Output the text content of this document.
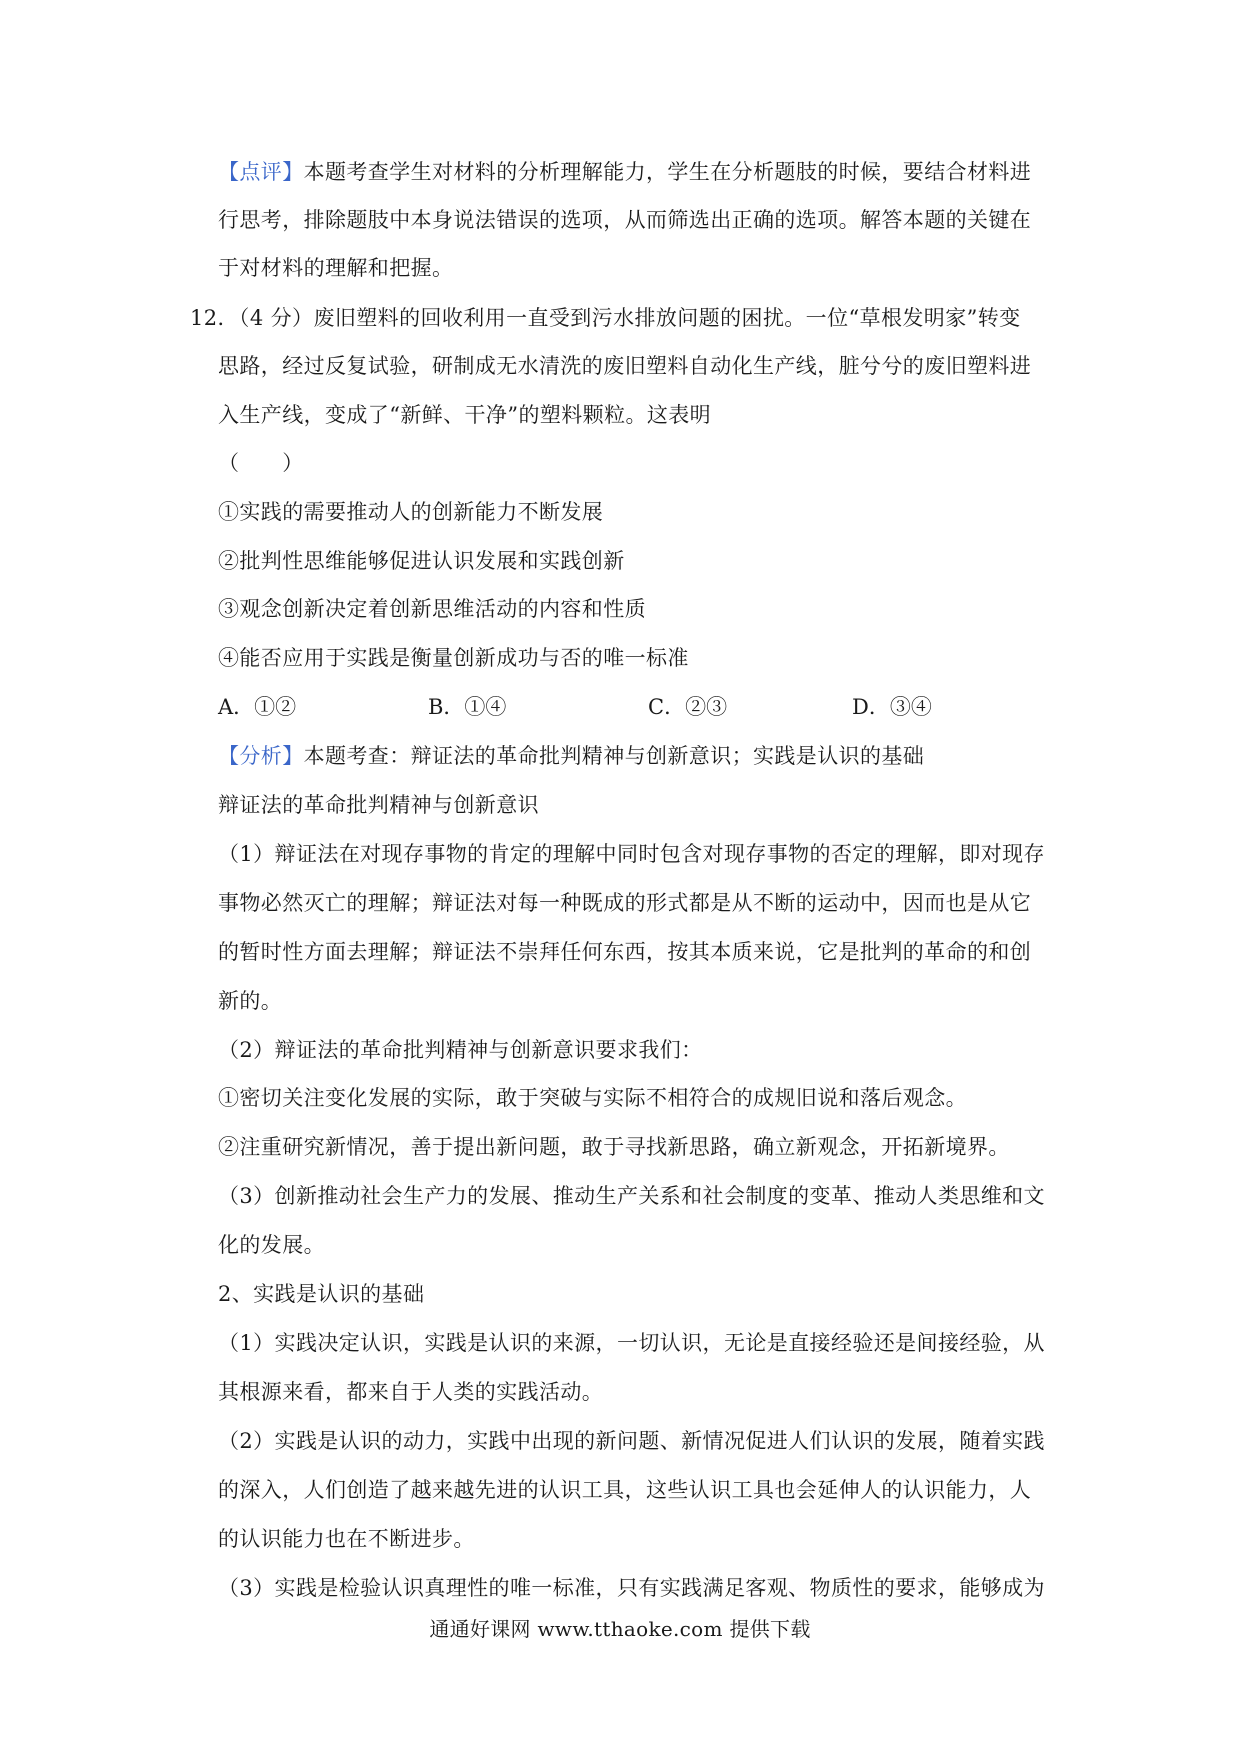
【点评】本题考查学生对材料的分析理解能力，学生在分析题肢的时候，要结合材料进
行思考，排除题肢中本身说法错误的选项，从而筛选出正确的选项。解答本题的关键在
于对材料的理解和把握。
12．（4 分）废旧塑料的回收利用一直受到污水排放问题的困扰。一位“草根发明家”转变
思路，经过反复试验，研制成无水清洗的废旧塑料自动化生产线，脏兮兮的废旧塑料进
入生产线，变成了“新鲜、干净”的塑料颗粒。这表明
（　　）
①实践的需要推动人的创新能力不断发展
②批判性思维能够促进认识发展和实践创新
③观念创新决定着创新思维活动的内容和性质
④能否应用于实践是衡量创新成功与否的唯一标准
A．①②	B．①④	C．②③	D．③④
【分析】本题考查：辩证法的革命批判精神与创新意识；实践是认识的基础
辩证法的革命批判精神与创新意识
（1）辩证法在对现存事物的肯定的理解中同时包含对现存事物的否定的理解，即对现存
事物必然灭亡的理解；辩证法对每一种既成的形式都是从不断的运动中，因而也是从它
的暂时性方面去理解；辩证法不崇拜任何东西，按其本质来说，它是批判的革命的和创
新的。
（2）辩证法的革命批判精神与创新意识要求我们：
①密切关注变化发展的实际，敢于突破与实际不相符合的成规旧说和落后观念。
②注重研究新情况，善于提出新问题，敢于寻找新思路，确立新观念，开拓新境界。
（3）创新推动社会生产力的发展、推动生产关系和社会制度的变革、推动人类思维和文
化的发展。
2、实践是认识的基础
（1）实践决定认识，实践是认识的来源，一切认识，无论是直接经验还是间接经验，从
其根源来看，都来自于人类的实践活动。
（2）实践是认识的动力，实践中出现的新问题、新情况促进人们认识的发展，随着实践
的深入，人们创造了越来越先进的认识工具，这些认识工具也会延伸人的认识能力，人
的认识能力也在不断进步。
（3）实践是检验认识真理性的唯一标准，只有实践满足客观、物质性的要求，能够成为
通通好课网 www.tthaoke.com 提供下载
